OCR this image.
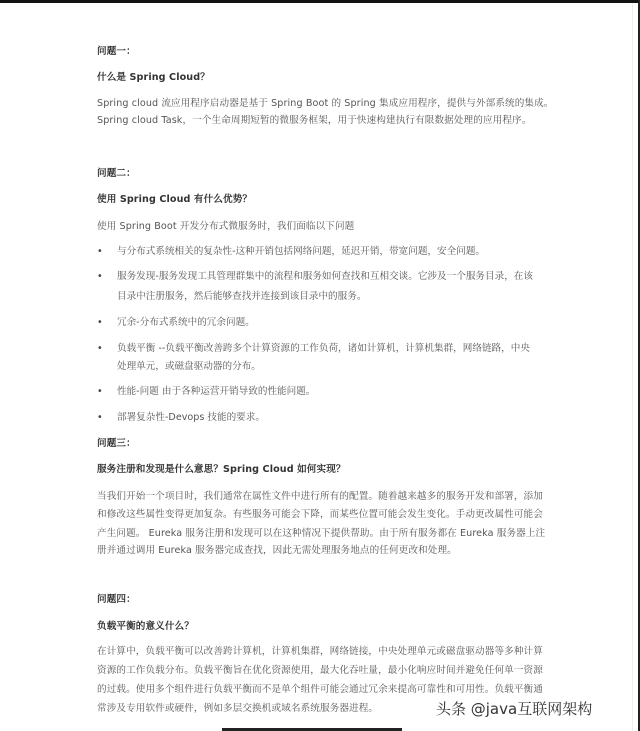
问题一：
什么是 Spring Cloud？
Spring cloud 流应用程序启动器是基于 Spring Boot 的 Spring 集成应用程序，提供与外部系统的集成。
Spring cloud Task，一个生命周期短暂的微服务框架，用于快速构建执行有限数据处理的应用程序。
问题二：
使用 Spring Cloud 有什么优势？
使用 Spring Boot 开发分布式微服务时，我们面临以下问题
• 与分布式系统相关的复杂性-这种开销包括网络问题，延迟开销，带宽问题，安全问题。
• 服务发现-服务发现工具管理群集中的流程和服务如何查找和互相交谈。它涉及一个服务目录，在该
目录中注册服务，然后能够查找并连接到该目录中的服务。
• 冗余-分布式系统中的冗余问题。
• 负载平衡 --负载平衡改善跨多个计算资源的工作负荷，诸如计算机，计算机集群，网络链路，中央
处理单元，或磁盘驱动器的分布。
• 性能-问题 由于各种运营开销导致的性能问题。
• 部署复杂性-Devops 技能的要求。
问题三：
服务注册和发现是什么意思？Spring Cloud 如何实现？
当我们开始一个项目时，我们通常在属性文件中进行所有的配置。随着越来越多的服务开发和部署，添加
和修改这些属性变得更加复杂。有些服务可能会下降，而某些位置可能会发生变化。手动更改属性可能会
产生问题。 Eureka 服务注册和发现可以在这种情况下提供帮助。由于所有服务都在 Eureka 服务器上注
册并通过调用 Eureka 服务器完成查找，因此无需处理服务地点的任何更改和处理。
问题四：
负载平衡的意义什么？
在计算中，负载平衡可以改善跨计算机，计算机集群，网络链接，中央处理单元或磁盘驱动器等多种计算
资源的工作负载分布。负载平衡旨在优化资源使用，最大化吞吐量，最小化响应时间并避免任何单一资源
的过载。使用多个组件进行负载平衡而不是单个组件可能会通过冗余来提高可靠性和可用性。负载平衡通
常涉及专用软件或硬件，例如多层交换机或域名系统服务器进程。	头条 @java互联网架构
